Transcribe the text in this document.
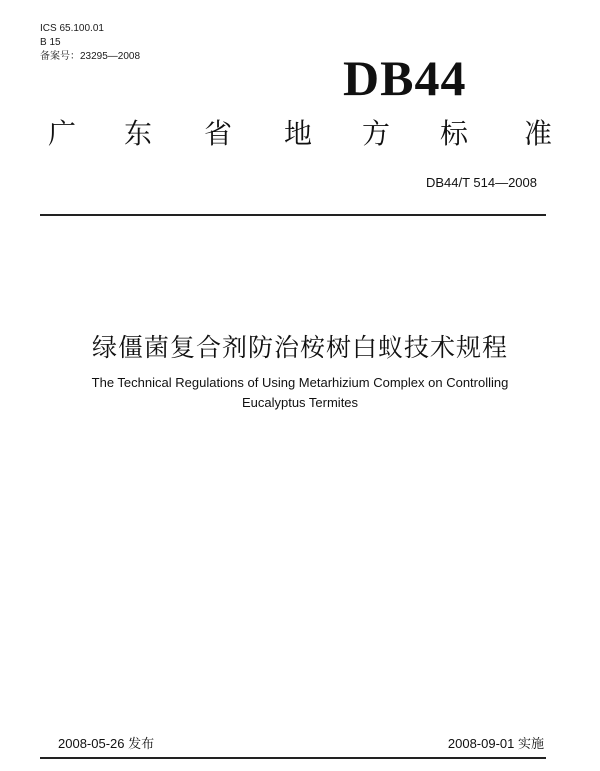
ICS 65.100.01
B 15
备案号：23295—2008	DB44
广 东 省 地 方 标 准
DB44/T 514—2008
绿僵菌复合剂防治桉树白蚁技术规程
The Technical Regulations of Using Metarhizium Complex on Controlling
Eucalyptus Termites
2008-05-26 发布	2008-09-01 实施
